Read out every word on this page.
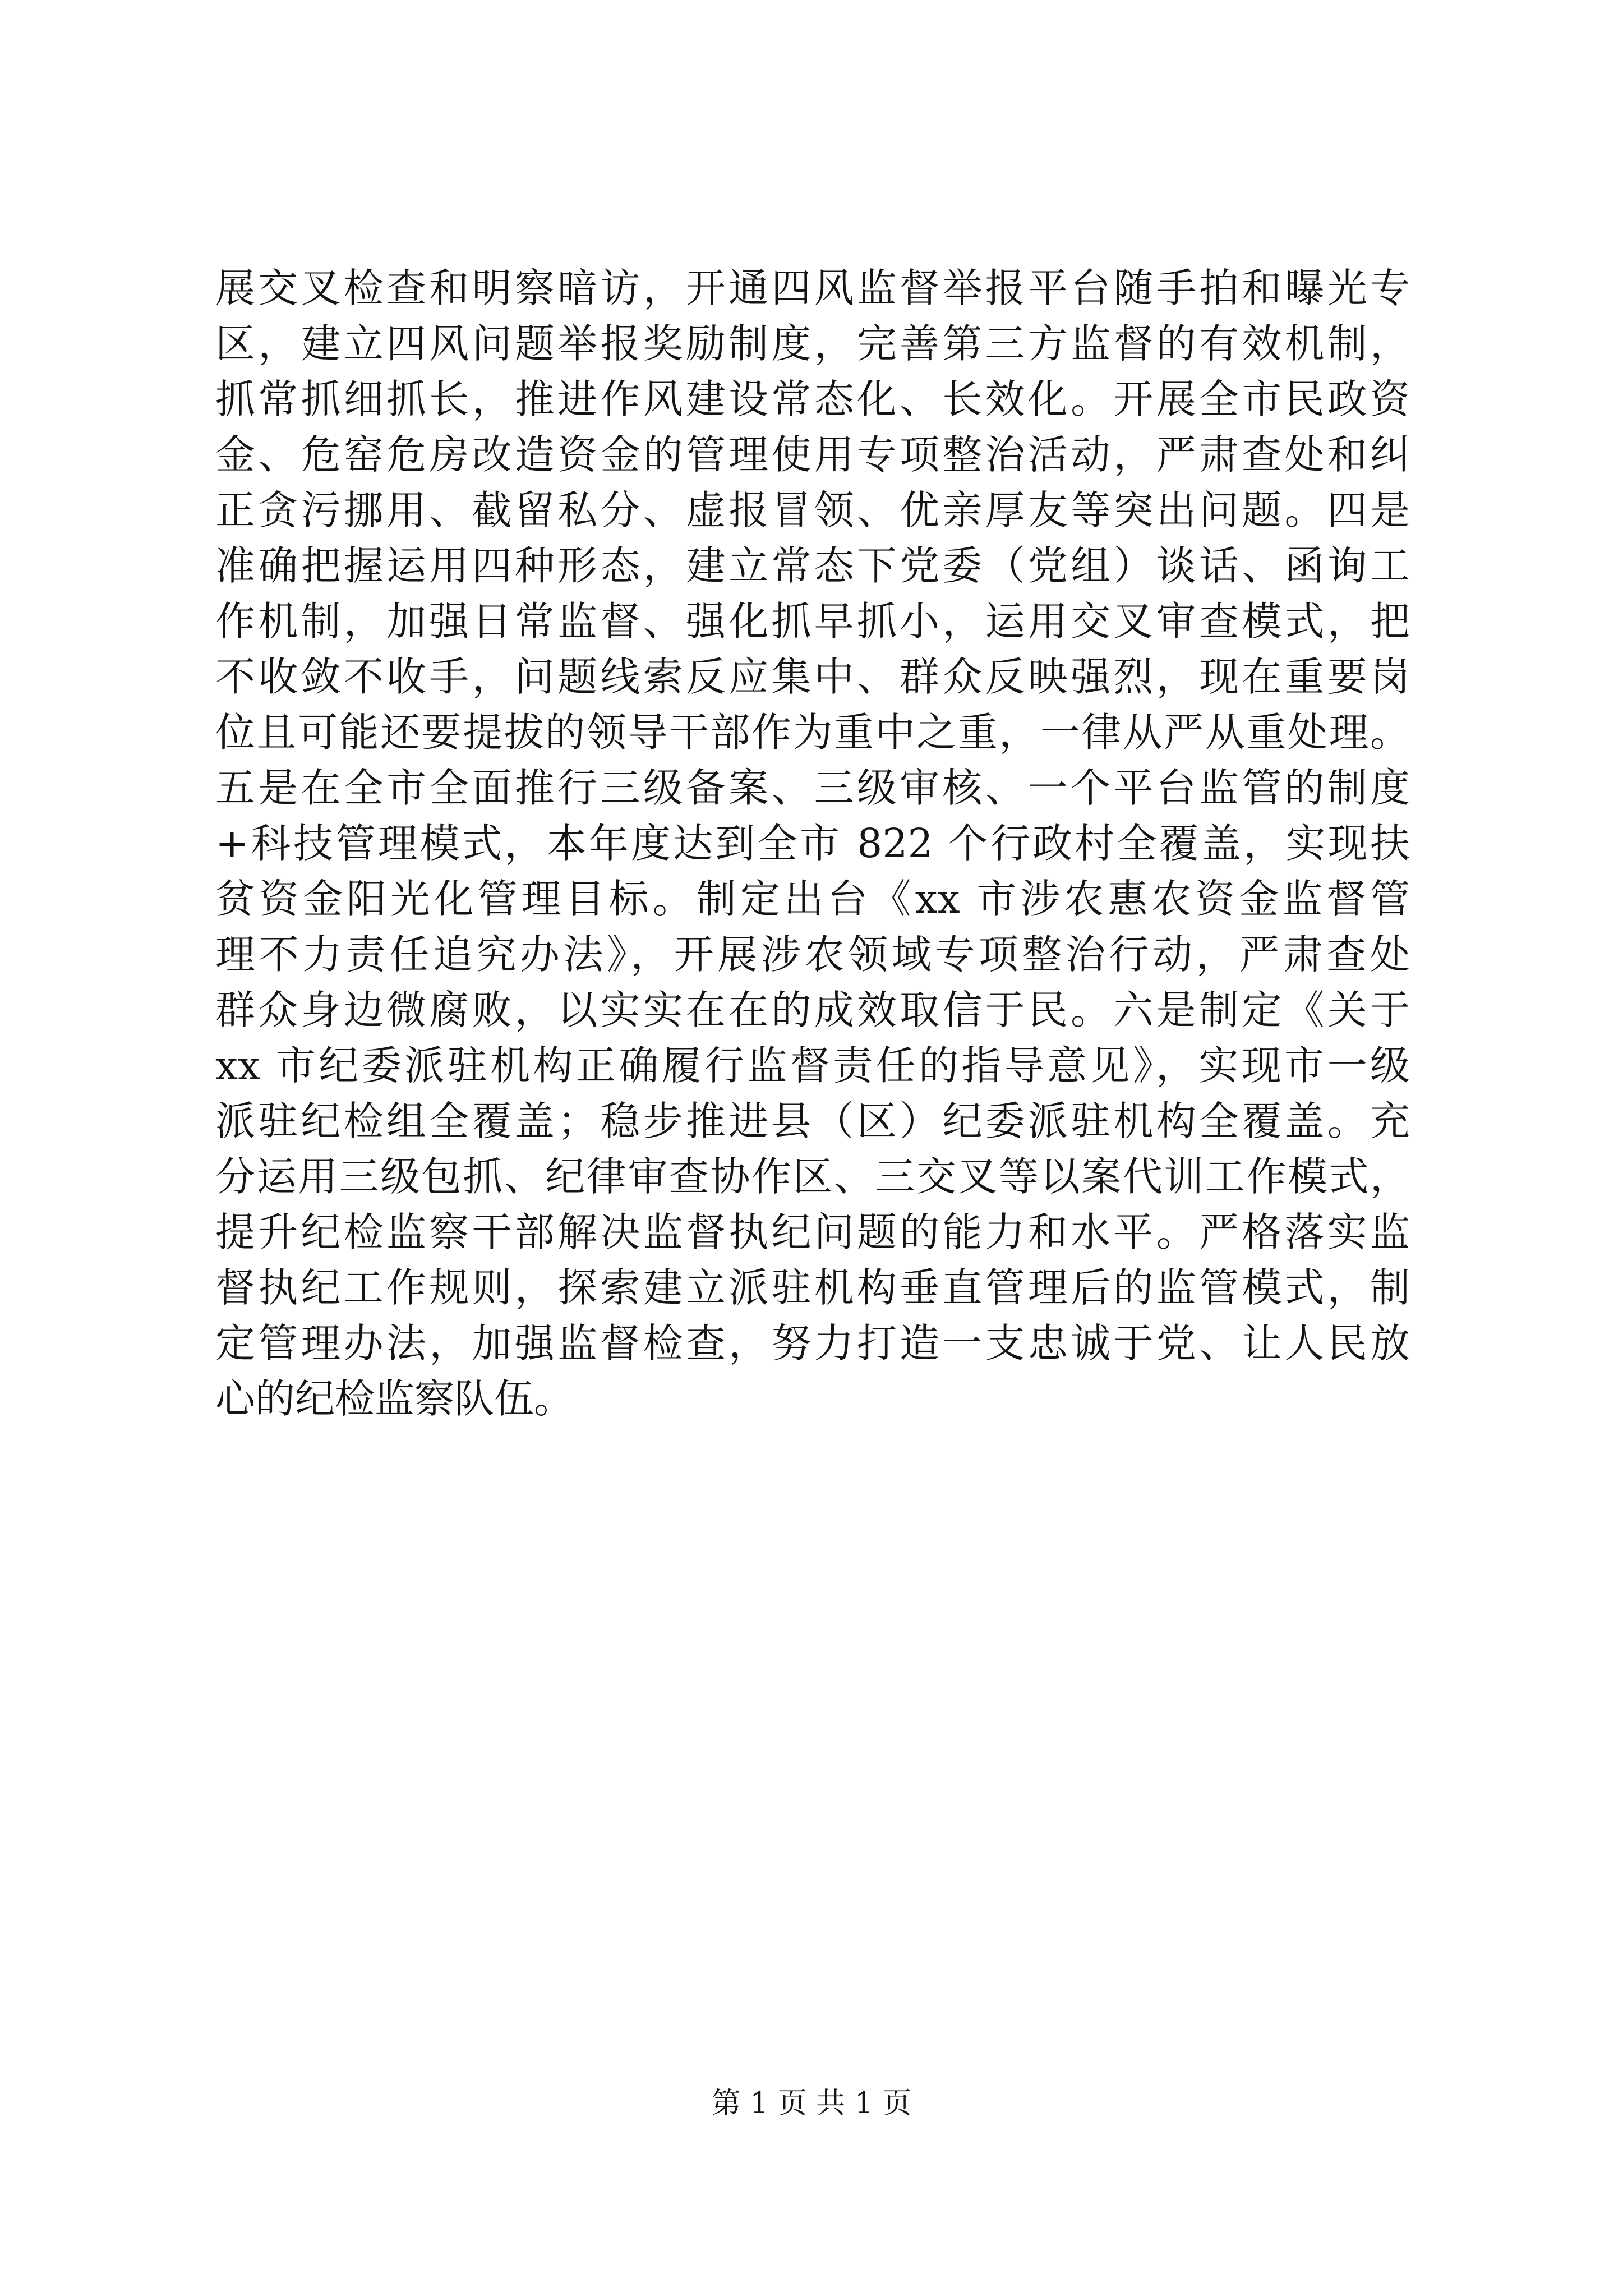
展交叉检查和明察暗访，开通四风监督举报平台随手拍和曝光专
区，建立四风问题举报奖励制度，完善第三方监督的有效机制，
抓常抓细抓长，推进作风建设常态化、长效化。开展全市民政资
金、危窑危房改造资金的管理使用专项整治活动，严肃查处和纠
正贪污挪用、截留私分、虚报冒领、优亲厚友等突出问题。四是
准确把握运用四种形态，建立常态下党委（党组）谈话、函询工
作机制，加强日常监督、强化抓早抓小，运用交叉审查模式，把
不收敛不收手，问题线索反应集中、群众反映强烈，现在重要岗
位且可能还要提拔的领导干部作为重中之重，一律从严从重处理。
五是在全市全面推行三级备案、三级审核、一个平台监管的制度
+科技管理模式，本年度达到全市 822 个行政村全覆盖，实现扶
贫资金阳光化管理目标。制定出台《xx 市涉农惠农资金监督管
理不力责任追究办法》，开展涉农领域专项整治行动，严肃查处
群众身边微腐败，以实实在在的成效取信于民。六是制定《关于
xx 市纪委派驻机构正确履行监督责任的指导意见》，实现市一级
派驻纪检组全覆盖；稳步推进县（区）纪委派驻机构全覆盖。充
分运用三级包抓、纪律审查协作区、三交叉等以案代训工作模式，
提升纪检监察干部解决监督执纪问题的能力和水平。严格落实监
督执纪工作规则，探索建立派驻机构垂直管理后的监管模式，制
定管理办法，加强监督检查，努力打造一支忠诚于党、让人民放
心的纪检监察队伍。
第 1 页 共 1 页
